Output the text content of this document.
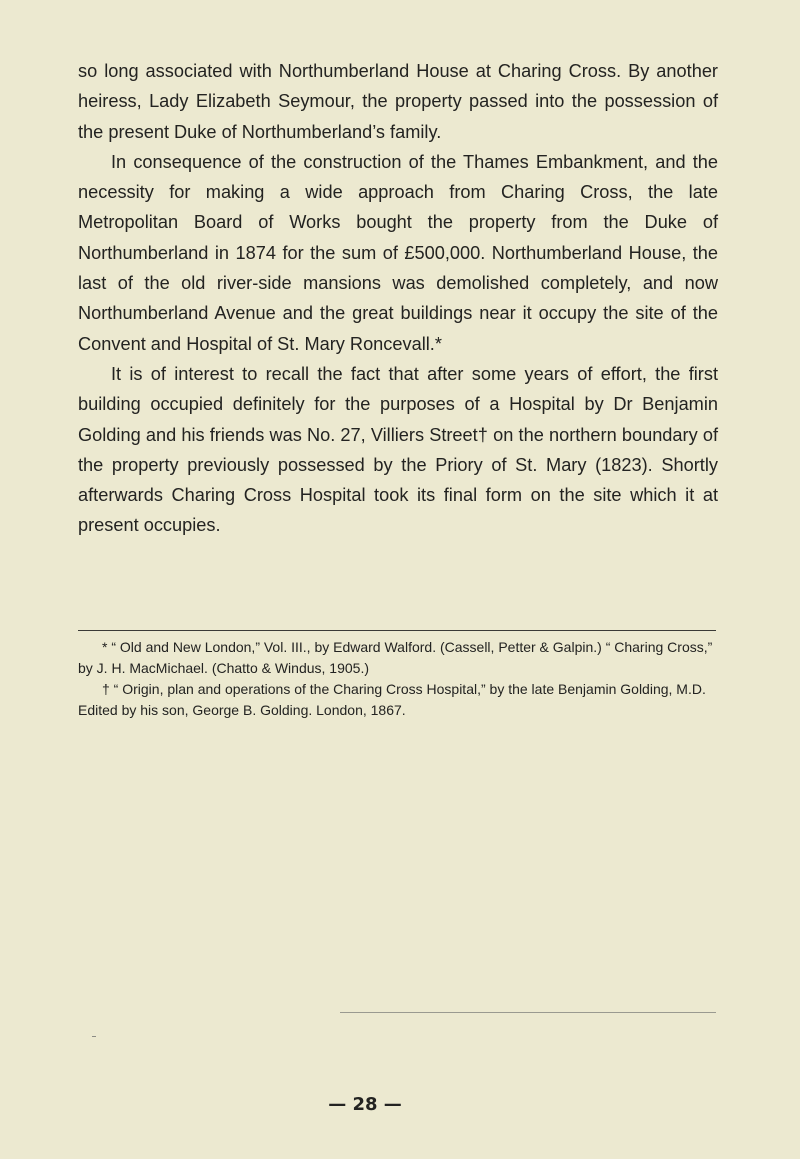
so long associated with Northumberland House at Charing Cross. By another heiress, Lady Elizabeth Seymour, the property passed into the possession of the present Duke of Northumberland’s family.

In consequence of the construction of the Thames Embankment, and the necessity for making a wide approach from Charing Cross, the late Metropolitan Board of Works bought the property from the Duke of Northumberland in 1874 for the sum of £500,000. Northumberland House, the last of the old river-side mansions was demolished completely, and now Northumberland Avenue and the great buildings near it occupy the site of the Convent and Hospital of St. Mary Roncevall.*

It is of interest to recall the fact that after some years of effort, the first building occupied definitely for the purposes of a Hospital by Dr Benjamin Golding and his friends was No. 27, Villiers Street† on the northern boundary of the property previously possessed by the Priory of St. Mary (1823). Shortly afterwards Charing Cross Hospital took its final form on the site which it at present occupies.

* “ Old and New London,” Vol. III., by Edward Walford. (Cassell, Petter & Galpin.) “ Charing Cross,” by J. H. MacMichael. (Chatto & Windus, 1905.)

† “ Origin, plan and operations of the Charing Cross Hospital,” by the late Benjamin Golding, M.D. Edited by his son, George B. Golding. London, 1867.

— 28 —
